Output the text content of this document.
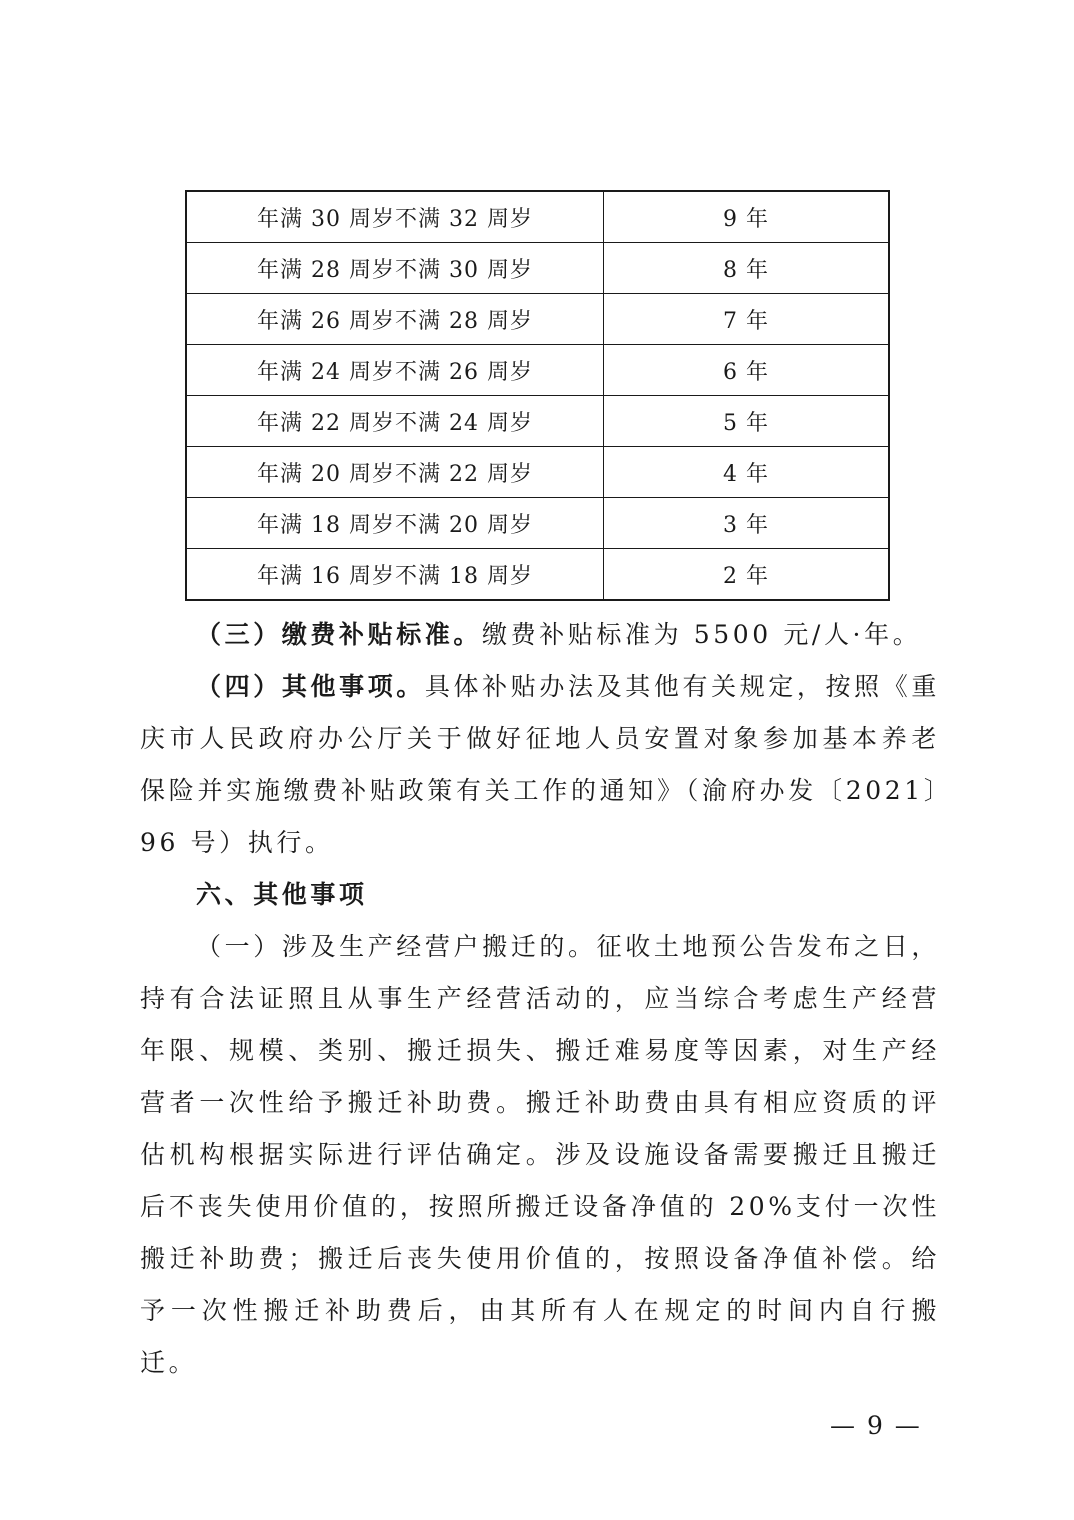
年满 30 周岁不满 32 周岁	9 年
年满 28 周岁不满 30 周岁	8 年
年满 26 周岁不满 28 周岁	7 年
年满 24 周岁不满 26 周岁	6 年
年满 22 周岁不满 24 周岁	5 年
年满 20 周岁不满 22 周岁	4 年
年满 18 周岁不满 20 周岁	3 年
年满 16 周岁不满 18 周岁	2 年

（三）缴费补贴标准。缴费补贴标准为 5500 元/人·年。

（四）其他事项。具体补贴办法及其他有关规定，按照《重庆市人民政府办公厅关于做好征地人员安置对象参加基本养老保险并实施缴费补贴政策有关工作的通知》（渝府办发〔2021〕96 号）执行。

六、其他事项

（一）涉及生产经营户搬迁的。征收土地预公告发布之日，持有合法证照且从事生产经营活动的，应当综合考虑生产经营年限、规模、类别、搬迁损失、搬迁难易度等因素，对生产经营者一次性给予搬迁补助费。搬迁补助费由具有相应资质的评估机构根据实际进行评估确定。涉及设施设备需要搬迁且搬迁后不丧失使用价值的，按照所搬迁设备净值的 20%支付一次性搬迁补助费；搬迁后丧失使用价值的，按照设备净值补偿。给予一次性搬迁补助费后，由其所有人在规定的时间内自行搬迁。

— 9 —
